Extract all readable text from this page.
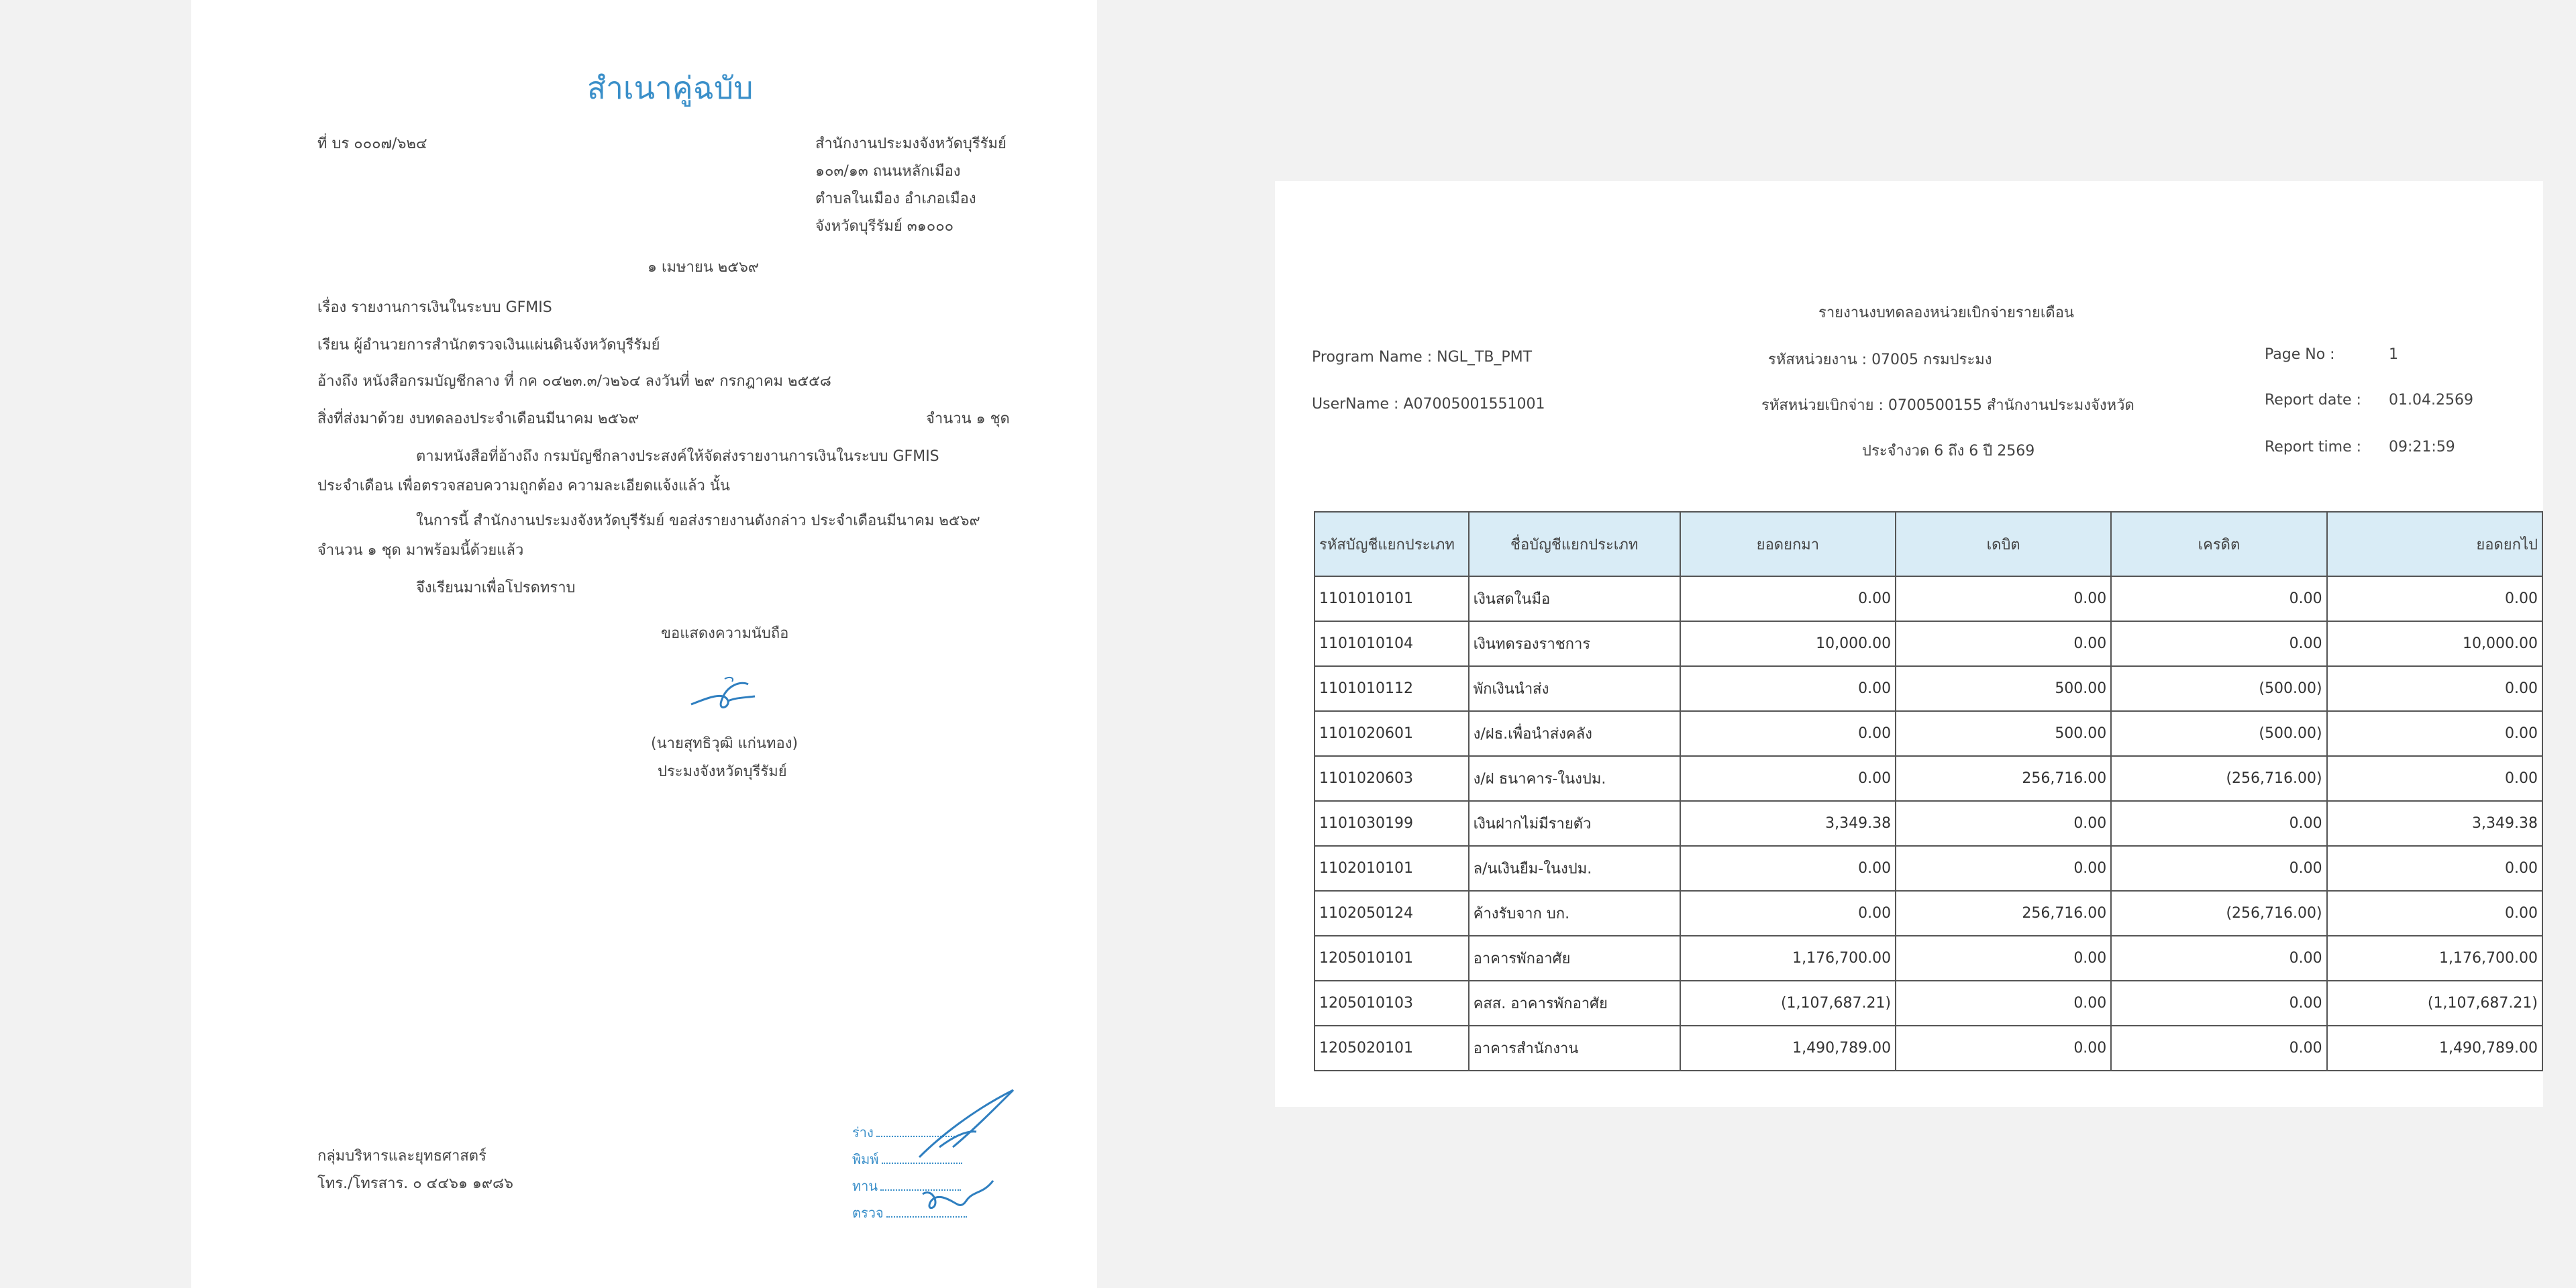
สำเนาคู่ฉบับ
ที่ บร ๐๐๐๗/๖๒๔	สำนักงานประมงจังหวัดบุรีรัมย์
๑๐๓/๑๓ ถนนหลักเมือง
ตำบลในเมือง อำเภอเมือง
จังหวัดบุรีรัมย์ ๓๑๐๐๐
๑ เมษายน ๒๕๖๙
เรื่อง รายงานการเงินในระบบ GFMIS
เรียน ผู้อำนวยการสำนักตรวจเงินแผ่นดินจังหวัดบุรีรัมย์
อ้างถึง หนังสือกรมบัญชีกลาง ที่ กค ๐๔๒๓.๓/ว๒๖๔ ลงวันที่ ๒๙ กรกฎาคม ๒๕๕๘
สิ่งที่ส่งมาด้วย งบทดลองประจำเดือนมีนาคม ๒๕๖๙	จำนวน ๑ ชุด
ตามหนังสือที่อ้างถึง กรมบัญชีกลางประสงค์ให้จัดส่งรายงานการเงินในระบบ GFMIS
ประจำเดือน เพื่อตรวจสอบความถูกต้อง ความละเอียดแจ้งแล้ว นั้น
ในการนี้ สำนักงานประมงจังหวัดบุรีรัมย์ ขอส่งรายงานดังกล่าว ประจำเดือนมีนาคม ๒๕๖๙
จำนวน ๑ ชุด มาพร้อมนี้ด้วยแล้ว
จึงเรียนมาเพื่อโปรดทราบ
ขอแสดงความนับถือ
(นายสุทธิวุฒิ แก่นทอง)
ประมงจังหวัดบุรีรัมย์
กลุ่มบริหารและยุทธศาสตร์
โทร./โทรสาร. ๐ ๔๔๖๑ ๑๙๘๖
ร่าง
พิมพ์
ทาน
ตรวจ
รายงานงบทดลองหน่วยเบิกจ่ายรายเดือน
Program Name : NGL_TB_PMT
UserName : A07005001551001
รหัสหน่วยงาน : 07005 กรมประมง
รหัสหน่วยเบิกจ่าย : 0700500155 สำนักงานประมงจังหวัด
ประจำงวด 6 ถึง 6 ปี 2569
Page No :	1
Report date : 01.04.2569
Report time : 09:21:59
รหัสบัญชีแยกประเภท	ชื่อบัญชีแยกประเภท	ยอดยกมา	เดบิต	เครดิต	ยอดยกไป
1101010101	เงินสดในมือ	0.00	0.00	0.00	0.00
1101010104	เงินทดรองราชการ	10,000.00	0.00	0.00	10,000.00
1101010112	พักเงินนำส่ง	0.00	500.00	(500.00)	0.00
1101020601	ง/ฝธ.เพื่อนำส่งคลัง	0.00	500.00	(500.00)	0.00
1101020603	ง/ฝ ธนาคาร-ในงปม.	0.00	256,716.00	(256,716.00)	0.00
1101030199	เงินฝากไม่มีรายตัว	3,349.38	0.00	0.00	3,349.38
1102010101	ล/นเงินยืม-ในงปม.	0.00	0.00	0.00	0.00
1102050124	ค้างรับจาก บก.	0.00	256,716.00	(256,716.00)	0.00
1205010101	อาคารพักอาศัย	1,176,700.00	0.00	0.00	1,176,700.00
1205010103	คสส. อาคารพักอาศัย	(1,107,687.21)	0.00	0.00	(1,107,687.21)
1205020101	อาคารสำนักงาน	1,490,789.00	0.00	0.00	1,490,789.00
